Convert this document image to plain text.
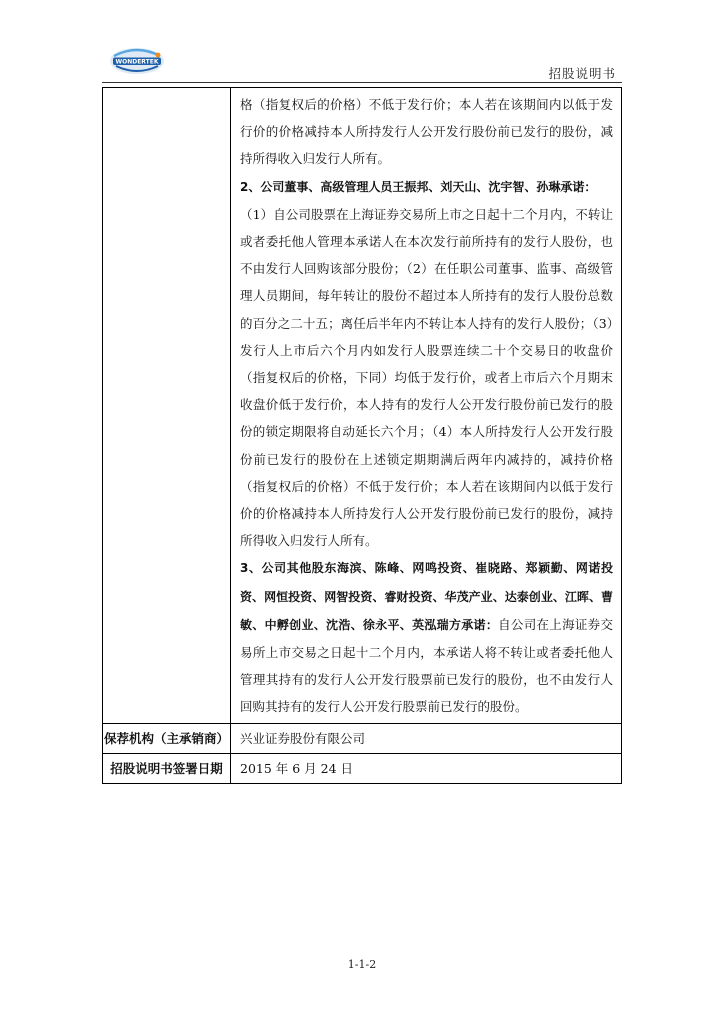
WONDERTEK
招股说明书

	格（指复权后的价格）不低于发行价；本人若在该期间内以低于发行价的价格减持本人所持发行人公开发行股份前已发行的股份，减持所得收入归发行人所有。

2、公司董事、高级管理人员王振邦、刘天山、沈宇智、孙琳承诺：

（1）自公司股票在上海证券交易所上市之日起十二个月内，不转让或者委托他人管理本承诺人在本次发行前所持有的发行人股份，也不由发行人回购该部分股份；（2）在任职公司董事、监事、高级管理人员期间，每年转让的股份不超过本人所持有的发行人股份总数的百分之二十五；离任后半年内不转让本人持有的发行人股份；（3）发行人上市后六个月内如发行人股票连续二十个交易日的收盘价（指复权后的价格，下同）均低于发行价，或者上市后六个月期末收盘价低于发行价，本人持有的发行人公开发行股份前已发行的股份的锁定期限将自动延长六个月；（4）本人所持发行人公开发行股份前已发行的股份在上述锁定期期满后两年内减持的，减持价格（指复权后的价格）不低于发行价；本人若在该期间内以低于发行价的价格减持本人所持发行人公开发行股份前已发行的股份，减持所得收入归发行人所有。

3、公司其他股东海滨、陈峰、网鸣投资、崔晓路、郑颖勤、网诺投资、网恒投资、网智投资、睿财投资、华茂产业、达泰创业、江晖、曹敏、中孵创业、沈浩、徐永平、英泓瑞方承诺：自公司在上海证券交易所上市交易之日起十二个月内，本承诺人将不转让或者委托他人管理其持有的发行人公开发行股票前已发行的股份，也不由发行人回购其持有的发行人公开发行股票前已发行的股份。

保荐机构（主承销商）	兴业证券股份有限公司
招股说明书签署日期	2015 年 6 月 24 日
1-1-2
